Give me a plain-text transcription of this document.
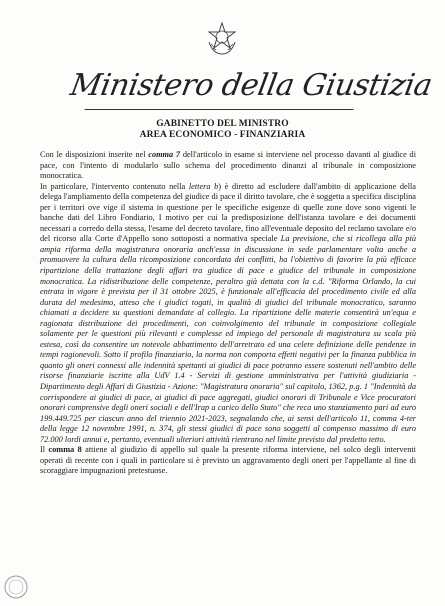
Ministero della Giustizia
GABINETTO DEL MINISTRO
AREA ECONOMICO - FINANZIARIA

Con le disposizioni inserite nel comma 7 dell'articolo in esame si interviene nel processo davanti al giudice di pace, con l'intento di modularlo sullo schema del procedimento dinanzi al tribunale in composizione monocratica.

In particolare, l'intervento contenuto nella lettera b) è diretto ad escludere dall'ambito di applicazione della delega l'ampliamento della competenza del giudice di pace il diritto tavolare, che è soggetta a specifica disciplina per i territori ove vige il sistema in questione per le specifiche esigenze di quelle zone dove sono vigenti le banche dati del Libro Fondiario, I motivo per cui la predisposizione dell'istanza tavolare e dei documenti necessari a corredo della stessa, l'esame del decreto tavolare, fino all'eventuale deposito del reclamo tavolare e/o del ricorso alla Corte d'Appello sono sottoposti a normativa speciale La previsione, che si ricollega alla più ampia riforma della magistratura onoraria anch'essa in discussione in sede parlamentare volta anche a promuovere la cultura della ricomposizione concordata dei conflitti, ha l'obiettivo di favorire la più efficace ripartizione della trattazione degli affari tra giudice di pace e giudice del tribunale in composizione monocratica. La ridistribuzione delle competenze, peraltro già dettata con la c.d. "Riforma Orlando, la cui entrata in vigore è prevista per il 31 ottobre 2025, è funzionale all'efficacia del procedimento civile ed alla durata del medesimo, atteso che i giudici togati, in qualità di giudici del tribunale monocratico, saranno chiamati a decidere su questioni demandate al collegio. La ripartizione delle materie consentirà un'equa e ragionata distribuzione dei procedimenti, con coinvolgimento del tribunale in composizione collegiale solamente per le questioni più rilevanti e complesse ed impiego del personale di magistratura su scala più estesa, così da consentire un notevole abbattimento dell'arretrato ed una celere definizione delle pendenze in tempi ragionevoli. Sotto il profilo finanziario, la norma non comporta effetti negativi per la finanza pubblica in quanto gli oneri connessi alle indennità spettanti ai giudici di pace potranno essere sostenuti nell'ambito delle risorse finanziarie iscritte alla UdV 1.4 - Servizi di gestione amministrativa per l'attività giudiziaria - Dipartimento degli Affari di Giustizia - Azione: "Magistratura onoraria" sul capitolo, 1362, p.g. 1 "Indennità da corrispondere ai giudici di pace, ai giudici di pace aggregati, giudici onorari di Tribunale e Vice procuratori onorari comprensive degli oneri sociali e dell'Irap a carico dello Stato" che reca uno stanziamento pari ad euro 199.449.725 per ciascun anno del triennio 2021-2023, segnalando che, ai sensi dell'articolo 11, comma 4-ter della legge 12 novembre 1991, n. 374, gli stessi giudici di pace sono soggetti al compenso massimo di euro 72.000 lordi annui e, pertanto, eventuali ulteriori attività rientrano nel limite previsto dal predetto tetto.

Il comma 8 attiene al giudizio di appello sul quale la presente riforma interviene, nel solco degli interventi operati di recente con i quali in particolare si è previsto un aggravamento degli oneri per l'appellante al fine di scoraggiare impugnazioni pretestuose.
